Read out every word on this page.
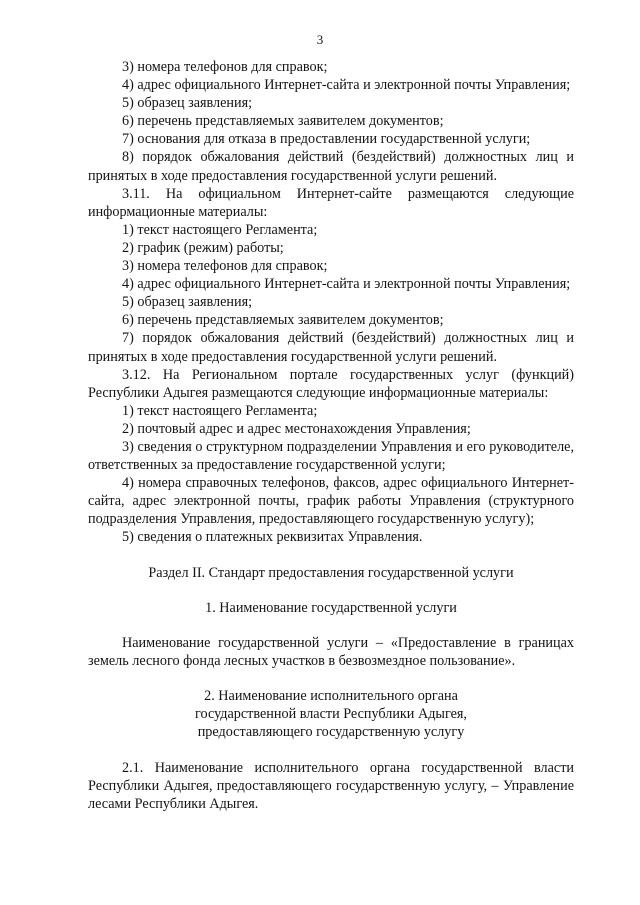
3

3) номера телефонов для справок;

4) адрес официального Интернет-сайта и электронной почты Управления;

5) образец заявления;

6) перечень представляемых заявителем документов;

7) основания для отказа в предоставлении государственной услуги;

8) порядок обжалования действий (бездействий) должностных лиц и принятых в ходе предоставления государственной услуги решений.

3.11. На официальном Интернет-сайте размещаются следующие информационные материалы:

1) текст настоящего Регламента;

2) график (режим) работы;

3) номера телефонов для справок;

4) адрес официального Интернет-сайта и электронной почты Управления;

5) образец заявления;

6) перечень представляемых заявителем документов;

7) порядок обжалования действий (бездействий) должностных лиц и принятых в ходе предоставления государственной услуги решений.

3.12. На Региональном портале государственных услуг (функций) Республики Адыгея размещаются следующие информационные материалы:

1) текст настоящего Регламента;

2) почтовый адрес и адрес местонахождения Управления;

3) сведения о структурном подразделении Управления и его руководителе, ответственных за предоставление государственной услуги;

4) номера справочных телефонов, факсов, адрес официального Интернет-сайта, адрес электронной почты, график работы Управления (структурного подразделения Управления, предоставляющего государственную услугу);

5) сведения о платежных реквизитах Управления.

Раздел II. Стандарт предоставления государственной услуги

1. Наименование государственной услуги

Наименование государственной услуги – «Предоставление в границах земель лесного фонда лесных участков в безвозмездное пользование».

2. Наименование исполнительного органа

государственной власти Республики Адыгея,

предоставляющего государственную услугу

2.1. Наименование исполнительного органа государственной власти Республики Адыгея, предоставляющего государственную услугу, – Управление лесами Республики Адыгея.
